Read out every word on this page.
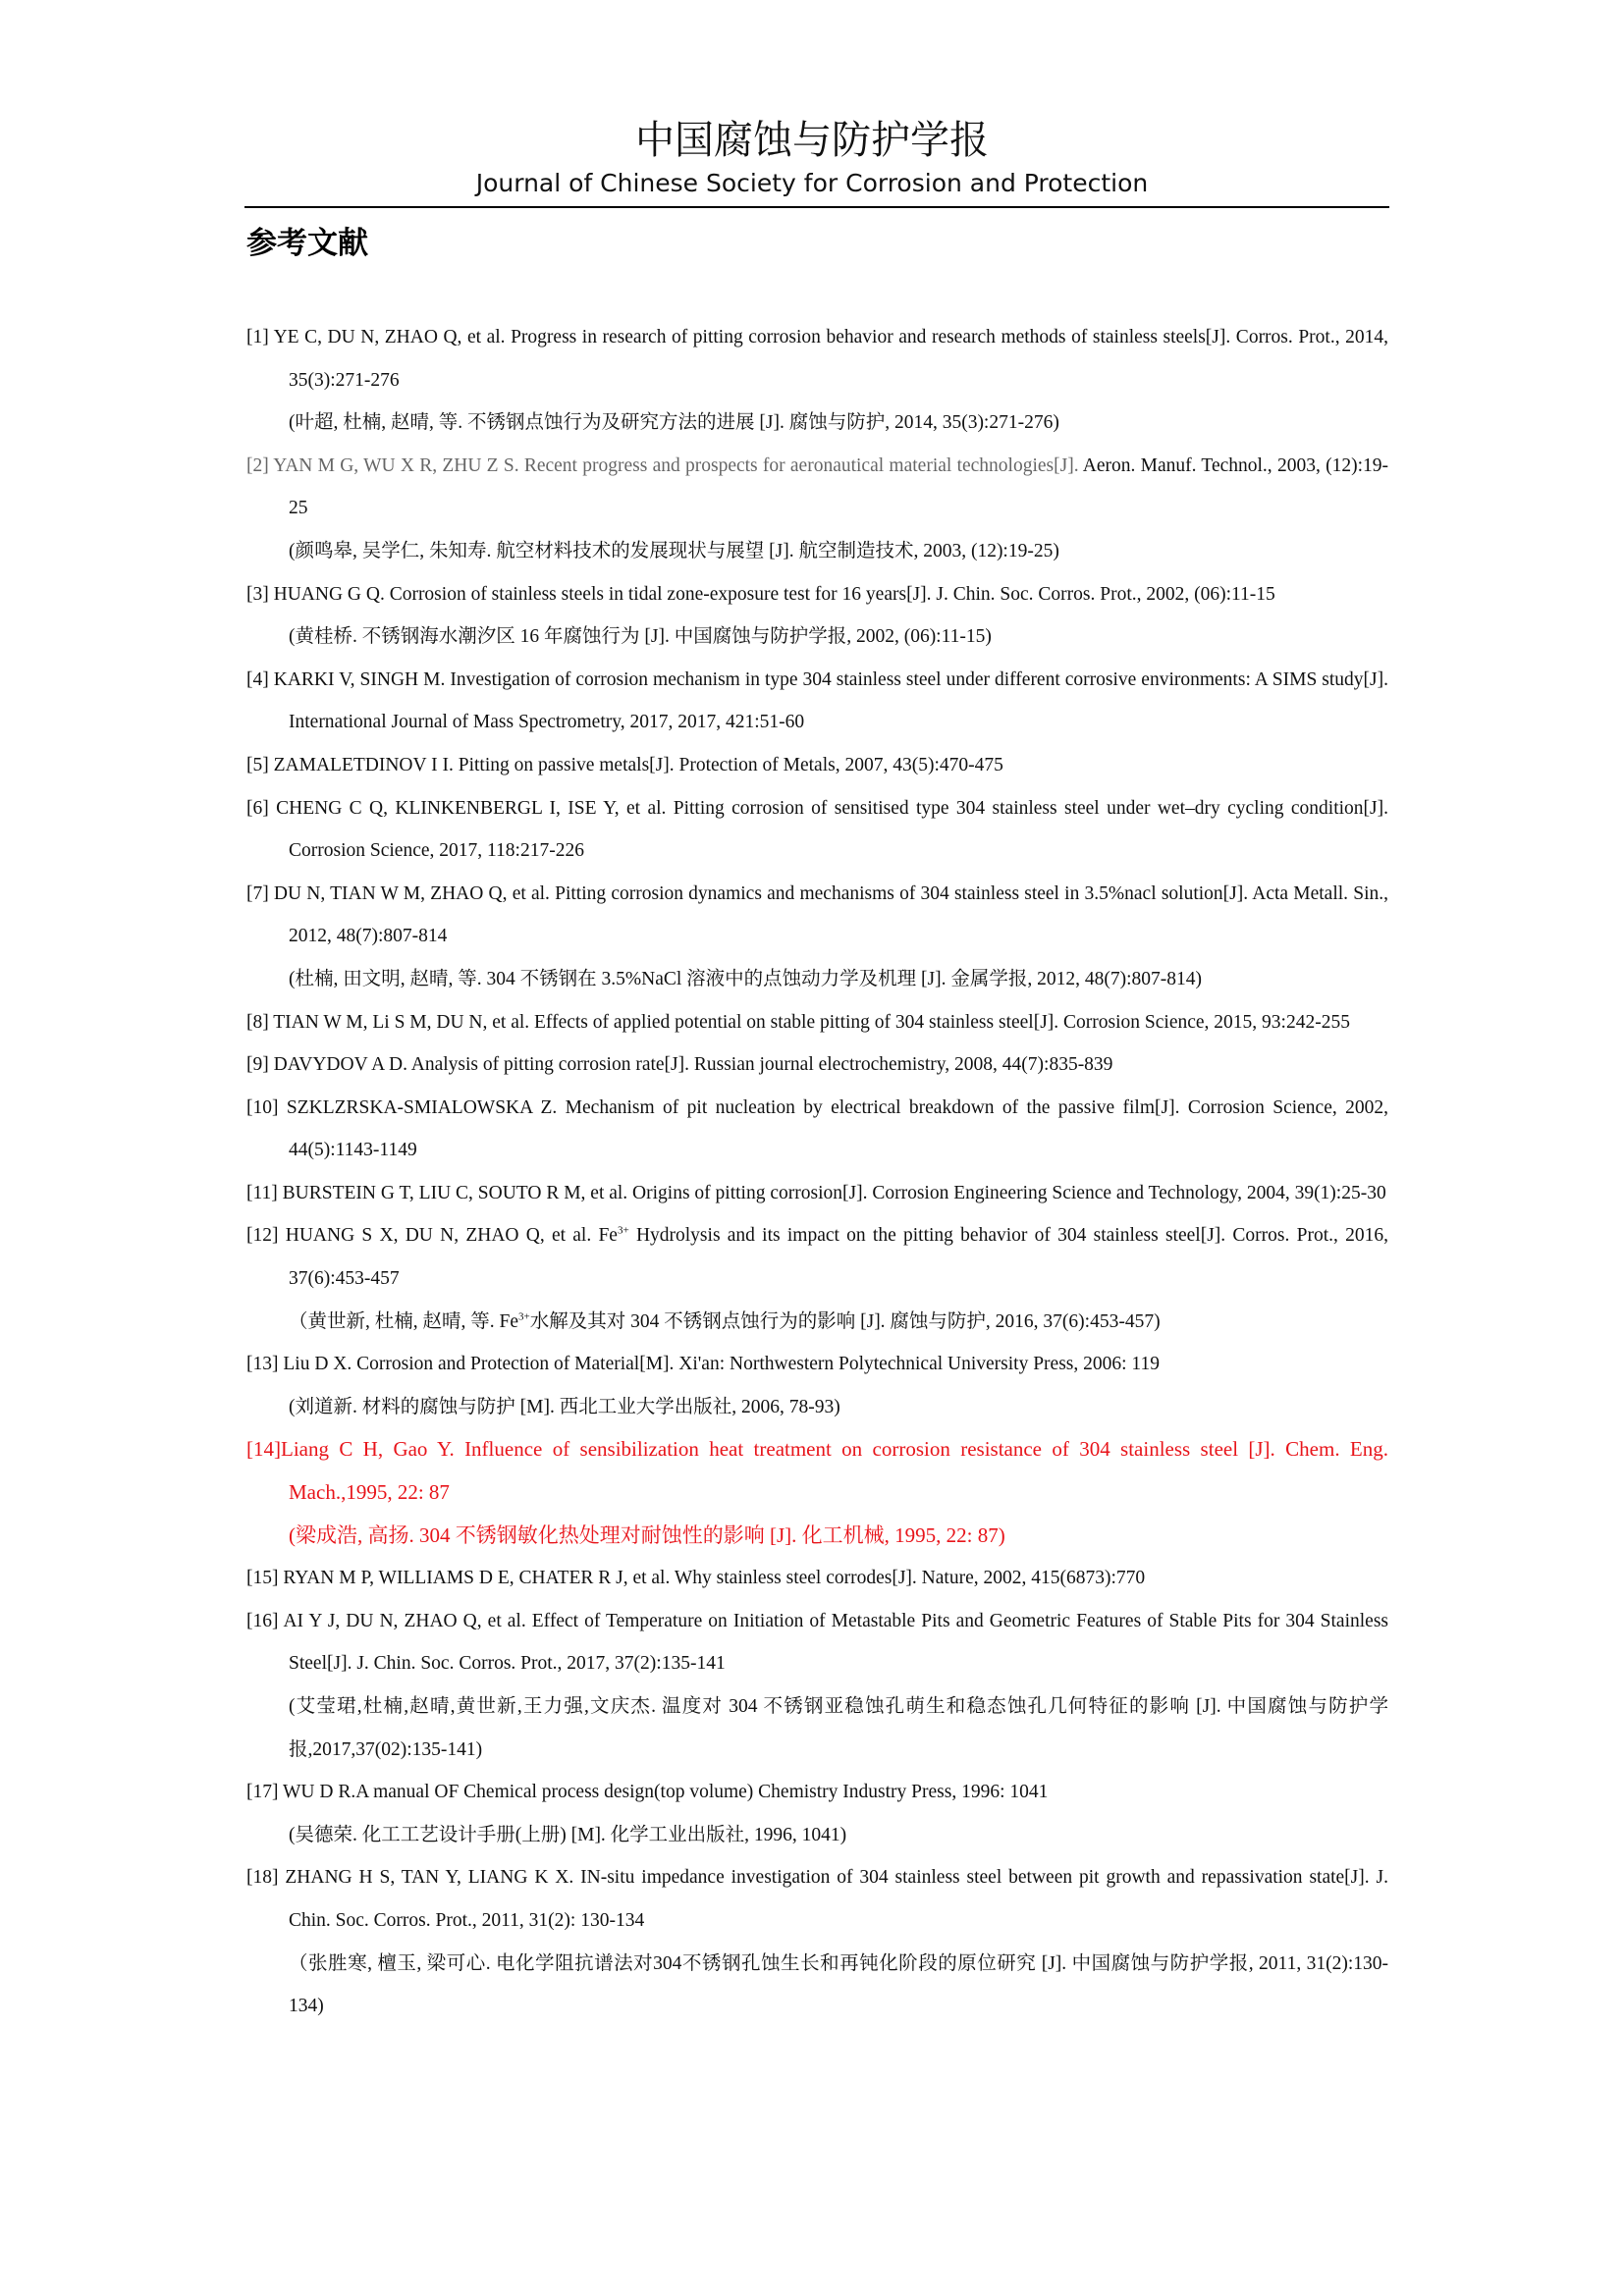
中国腐蚀与防护学报
Journal of Chinese Society for Corrosion and Protection
参考文献
[1] YE C, DU N, ZHAO Q, et al. Progress in research of pitting corrosion behavior and research methods of stainless steels[J]. Corros. Prot., 2014, 35(3):271-276
(叶超, 杜楠, 赵晴, 等. 不锈钢点蚀行为及研究方法的进展 [J]. 腐蚀与防护, 2014, 35(3):271-276)
[2] YAN M G, WU X R, ZHU Z S. Recent progress and prospects for aeronautical material technologies[J]. Aeron. Manuf. Technol., 2003, (12):19-25
(颜鸣皋, 吴学仁, 朱知寿. 航空材料技术的发展现状与展望 [J]. 航空制造技术, 2003, (12):19-25)
[3] HUANG G Q. Corrosion of stainless steels in tidal zone-exposure test for 16 years[J]. J. Chin. Soc. Corros. Prot., 2002, (06):11-15
(黄桂桥. 不锈钢海水潮汐区 16 年腐蚀行为 [J]. 中国腐蚀与防护学报, 2002, (06):11-15)
[4] KARKI V, SINGH M. Investigation of corrosion mechanism in type 304 stainless steel under different corrosive environments: A SIMS study[J]. International Journal of Mass Spectrometry, 2017, 2017, 421:51-60
[5] ZAMALETDINOV I I. Pitting on passive metals[J]. Protection of Metals, 2007, 43(5):470-475
[6] CHENG C Q, KLINKENBERGL I, ISE Y, et al. Pitting corrosion of sensitised type 304 stainless steel under wet–dry cycling condition[J]. Corrosion Science, 2017, 118:217-226
[7] DU N, TIAN W M, ZHAO Q, et al. Pitting corrosion dynamics and mechanisms of 304 stainless steel in 3.5%nacl solution[J]. Acta Metall. Sin., 2012, 48(7):807-814
(杜楠, 田文明, 赵晴, 等. 304 不锈钢在 3.5%NaCl 溶液中的点蚀动力学及机理 [J]. 金属学报, 2012, 48(7):807-814)
[8] TIAN W M, Li S M, DU N, et al. Effects of applied potential on stable pitting of 304 stainless steel[J]. Corrosion Science, 2015, 93:242-255
[9] DAVYDOV A D. Analysis of pitting corrosion rate[J]. Russian journal electrochemistry, 2008, 44(7):835-839
[10] SZKLZRSKA-SMIALOWSKA Z. Mechanism of pit nucleation by electrical breakdown of the passive film[J]. Corrosion Science, 2002, 44(5):1143-1149
[11] BURSTEIN G T, LIU C, SOUTO R M, et al. Origins of pitting corrosion[J]. Corrosion Engineering Science and Technology, 2004, 39(1):25-30
[12] HUANG S X, DU N, ZHAO Q, et al. $Fe^{3+}$ Hydrolysis and its impact on the pitting behavior of 304 stainless steel[J]. Corros. Prot., 2016, 37(6):453-457
（黄世新, 杜楠, 赵晴, 等. $Fe^{3+}$水解及其对 304 不锈钢点蚀行为的影响 [J]. 腐蚀与防护, 2016, 37(6):453-457)
[13] Liu D X. Corrosion and Protection of Material[M]. Xi'an: Northwestern Polytechnical University Press, 2006: 119
(刘道新. 材料的腐蚀与防护 [M]. 西北工业大学出版社, 2006, 78-93)
[14]Liang C H, Gao Y. Influence of sensibilization heat treatment on corrosion resistance of 304 stainless steel [J]. Chem. Eng. Mach.,1995, 22: 87
(梁成浩, 高扬. 304 不锈钢敏化热处理对耐蚀性的影响 [J]. 化工机械, 1995, 22: 87)
[15] RYAN M P, WILLIAMS D E, CHATER R J, et al. Why stainless steel corrodes[J]. Nature, 2002, 415(6873):770
[16] AI Y J, DU N, ZHAO Q, et al. Effect of Temperature on Initiation of Metastable Pits and Geometric Features of Stable Pits for 304 Stainless Steel[J]. J. Chin. Soc. Corros. Prot., 2017, 37(2):135-141
(艾莹珺,杜楠,赵晴,黄世新,王力强,文庆杰. 温度对 304 不锈钢亚稳蚀孔萌生和稳态蚀孔几何特征的影响 [J]. 中国腐蚀与防护学报,2017,37(02):135-141)
[17] WU D R.A manual OF Chemical process design(top volume) Chemistry Industry Press, 1996: 1041
(吴德荣. 化工工艺设计手册(上册) [M]. 化学工业出版社, 1996, 1041)
[18] ZHANG H S, TAN Y, LIANG K X. IN-situ impedance investigation of 304 stainless steel between pit growth and repassivation state[J]. J. Chin. Soc. Corros. Prot., 2011, 31(2): 130-134
（张胜寒, 檀玉, 梁可心. 电化学阻抗谱法对304不锈钢孔蚀生长和再钝化阶段的原位研究 [J]. 中国腐蚀与防护学报, 2011, 31(2):130-134)
